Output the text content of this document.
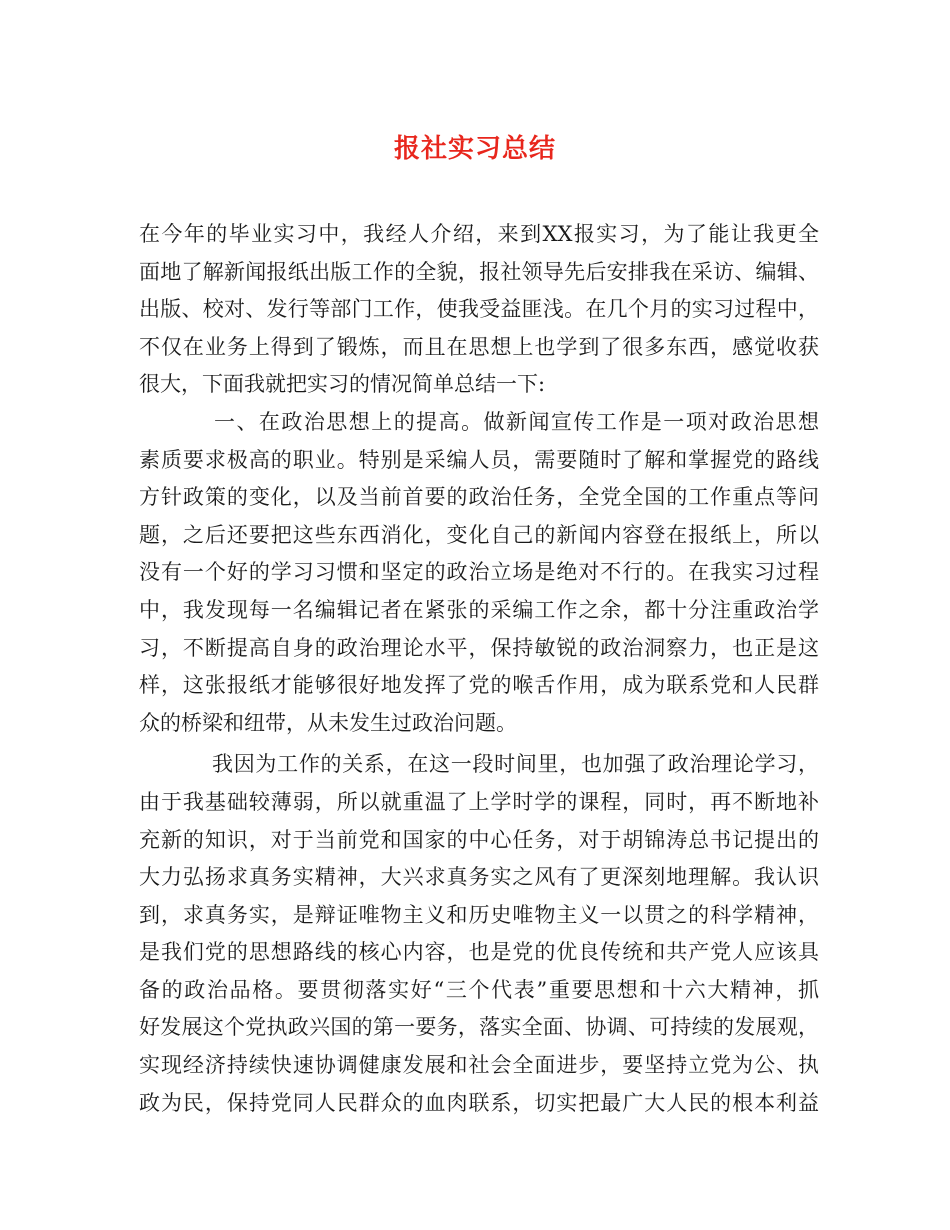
报社实习总结
在今年的毕业实习中，我经人介绍，来到XX报实习，为了能让我更全
面地了解新闻报纸出版工作的全貌，报社领导先后安排我在采访、编辑、
出版、校对、发行等部门工作，使我受益匪浅。在几个月的实习过程中，
不仅在业务上得到了锻炼，而且在思想上也学到了很多东西，感觉收获
很大，下面我就把实习的情况简单总结一下:
一、在政治思想上的提高。做新闻宣传工作是一项对政治思想
素质要求极高的职业。特别是采编人员，需要随时了解和掌握党的路线
方针政策的变化，以及当前首要的政治任务，全党全国的工作重点等问
题，之后还要把这些东西消化，变化自己的新闻内容登在报纸上，所以
没有一个好的学习习惯和坚定的政治立场是绝对不行的。在我实习过程
中，我发现每一名编辑记者在紧张的采编工作之余，都十分注重政治学
习，不断提高自身的政治理论水平，保持敏锐的政治洞察力，也正是这
样，这张报纸才能够很好地发挥了党的喉舌作用，成为联系党和人民群
众的桥梁和纽带，从未发生过政治问题。
我因为工作的关系，在这一段时间里，也加强了政治理论学习，
由于我基础较薄弱，所以就重温了上学时学的课程，同时，再不断地补
充新的知识，对于当前党和国家的中心任务，对于胡锦涛总书记提出的
大力弘扬求真务实精神，大兴求真务实之风有了更深刻地理解。我认识
到，求真务实，是辩证唯物主义和历史唯物主义一以贯之的科学精神，
是我们党的思想路线的核心内容，也是党的优良传统和共产党人应该具
备的政治品格。要贯彻落实好“三个代表”重要思想和十六大精神，抓
好发展这个党执政兴国的第一要务，落实全面、协调、可持续的发展观，
实现经济持续快速协调健康发展和社会全面进步，要坚持立党为公、执
政为民，保持党同人民群众的血肉联系，切实把最广大人民的根本利益
